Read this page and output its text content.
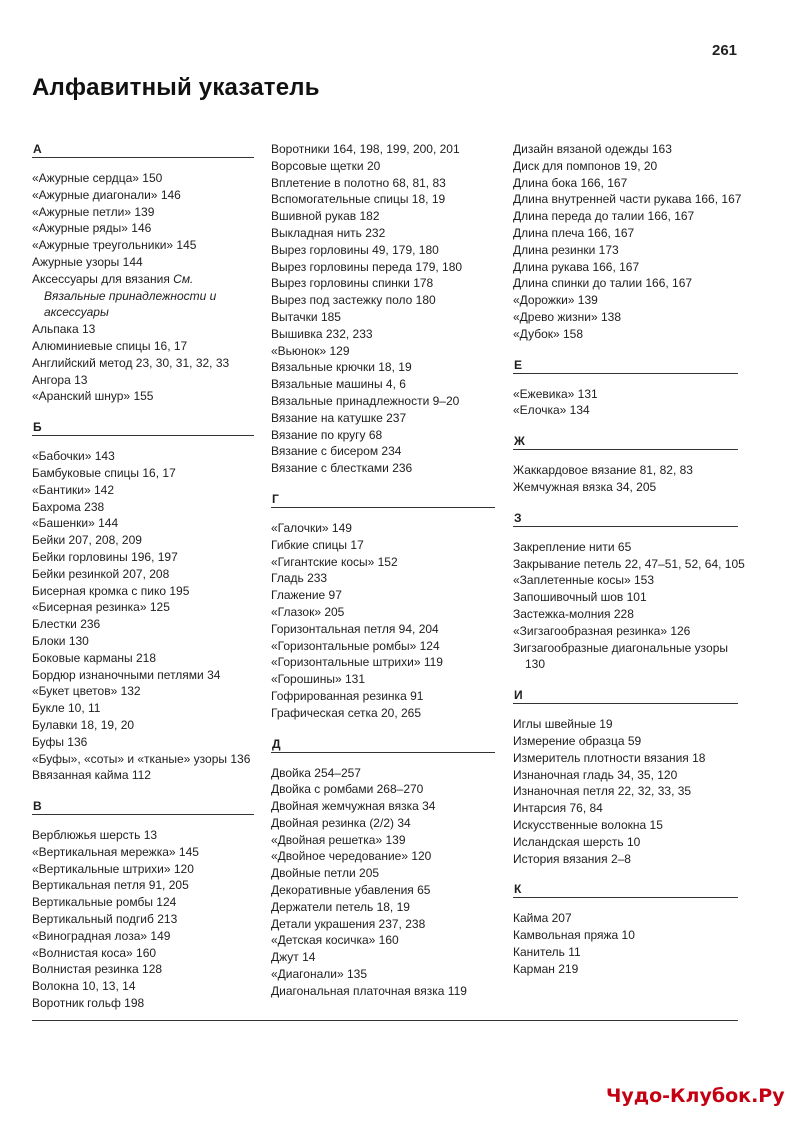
261
Алфавитный указатель
А
«Ажурные сердца» 150
«Ажурные диагонали» 146
«Ажурные петли» 139
«Ажурные ряды» 146
«Ажурные треугольники» 145
Ажурные узоры 144
Аксессуары для вязания См. Вязальные принадлежности и аксессуары
Альпака 13
Алюминиевые спицы 16, 17
Английский метод 23, 30, 31, 32, 33
Ангора 13
«Аранский шнур» 155
Б
«Бабочки» 143
Бамбуковые спицы 16, 17
«Бантики» 142
Бахрома 238
«Башенки» 144
Бейки 207, 208, 209
Бейки горловины 196, 197
Бейки резинкой 207, 208
Бисерная кромка с пико 195
«Бисерная резинка» 125
Блестки 236
Блоки 130
Боковые карманы 218
Бордюр изнаночными петлями 34
«Букет цветов» 132
Букле 10, 11
Булавки 18, 19, 20
Буфы 136
«Буфы», «соты» и «тканые» узоры 136
Ввязанная кайма 112
В
Верблюжья шерсть 13
«Вертикальная мережка» 145
«Вертикальные штрихи» 120
Вертикальная петля 91, 205
Вертикальные ромбы 124
Вертикальный подгиб 213
«Виноградная лоза» 149
«Волнистая коса» 160
Волнистая резинка 128
Волокна 10, 13, 14
Воротник гольф 198
Воротники 164, 198, 199, 200, 201
Ворсовые щетки 20
Вплетение в полотно 68, 81, 83
Вспомогательные спицы 18, 19
Вшивной рукав 182
Выкладная нить 232
Вырез горловины 49, 179, 180
Вырез горловины переда 179, 180
Вырез горловины спинки 178
Вырез под застежку поло 180
Вытачки 185
Вышивка 232, 233
«Вьюнок» 129
Вязальные крючки 18, 19
Вязальные машины 4, 6
Вязальные принадлежности 9–20
Вязание на катушке 237
Вязание по кругу 68
Вязание с бисером 234
Вязание с блестками 236
Г
«Галочки» 149
Гибкие спицы 17
«Гигантские косы» 152
Гладь 233
Глажение 97
«Глазок» 205
Горизонтальная петля 94, 204
«Горизонтальные ромбы» 124
«Горизонтальные штрихи» 119
«Горошины» 131
Гофрированная резинка 91
Графическая сетка 20, 265
Д
Двойка 254–257
Двойка с ромбами 268–270
Двойная жемчужная вязка 34
Двойная резинка (2/2) 34
«Двойная решетка» 139
«Двойное чередование» 120
Двойные петли 205
Декоративные убавления 65
Держатели петель 18, 19
Детали украшения 237, 238
«Детская косичка» 160
Джут 14
«Диагонали» 135
Диагональная платочная вязка 119
Дизайн вязаной одежды 163
Диск для помпонов 19, 20
Длина бока 166, 167
Длина внутренней части рукава 166, 167
Длина переда до талии 166, 167
Длина плеча 166, 167
Длина резинки 173
Длина рукава 166, 167
Длина спинки до талии 166, 167
«Дорожки» 139
«Древо жизни» 138
«Дубок» 158
Е
«Ежевика» 131
«Елочка» 134
Ж
Жаккардовое вязание 81, 82, 83
Жемчужная вязка 34, 205
З
Закрепление нити 65
Закрывание петель 22, 47–51, 52, 64, 105
«Заплетенные косы» 153
Запошивочный шов 101
Застежка-молния 228
«Зигзагообразная резинка» 126
Зигзагообразные диагональные узоры 130
И
Иглы швейные 19
Измерение образца 59
Измеритель плотности вязания 18
Изнаночная гладь 34, 35, 120
Изнаночная петля 22, 32, 33, 35
Интарсия 76, 84
Искусственные волокна 15
Исландская шерсть 10
История вязания 2–8
К
Кайма 207
Камвольная пряжа 10
Канитель 11
Карман 219
Чудо-Клубок.Ру
